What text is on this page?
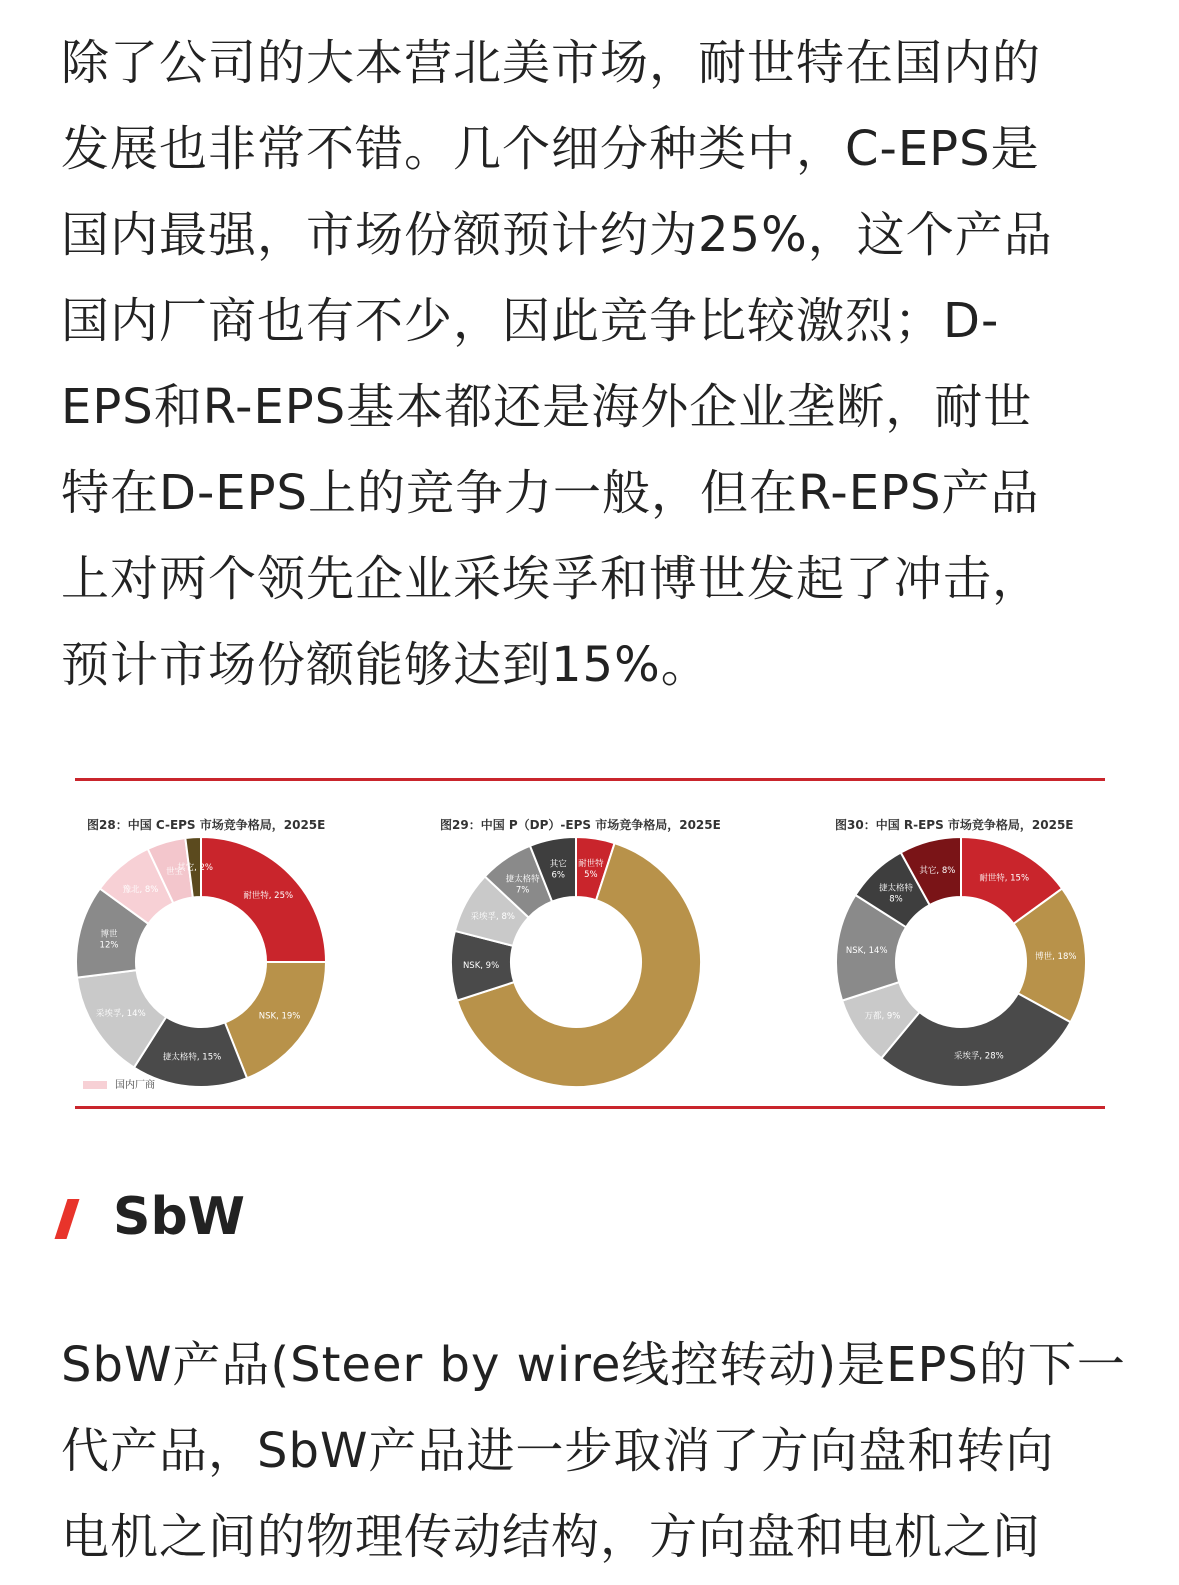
除了公司的大本营北美市场，耐世特在国内的
发展也非常不错。几个细分种类中，C-EPS是
国内最强，市场份额预计约为25%，这个产品
国内厂商也有不少，因此竞争比较激烈；D-
EPS和R-EPS基本都还是海外企业垄断，耐世
特在D-EPS上的竞争力一般，但在R-EPS产品
上对两个领先企业采埃孚和博世发起了冲击，
预计市场份额能够达到15%。
图28：中国 C-EPS 市场竞争格局，2025E	图29：中国 P（DP）-EPS 市场竞争格局，2025E	图30：中国 R-EPS 市场竞争格局，2025E
耐世特, 25%
NSK, 19%
捷太格特, 15%
采埃孚, 14%
博世 12%
豫北, 8%
世宝
其它, 2%	耐世特 5%
NSK, 9%
采埃孚, 8%
捷太格特 7%
其它 6%	耐世特, 15%
博世, 18%
采埃孚, 28%
万都, 9%
NSK, 14%
捷太格特 8%
其它, 8%
国内厂商
SbW
SbW产品(Steer by wire线控转动)是EPS的下一
代产品，SbW产品进一步取消了方向盘和转向
电机之间的物理传动结构，方向盘和电机之间
